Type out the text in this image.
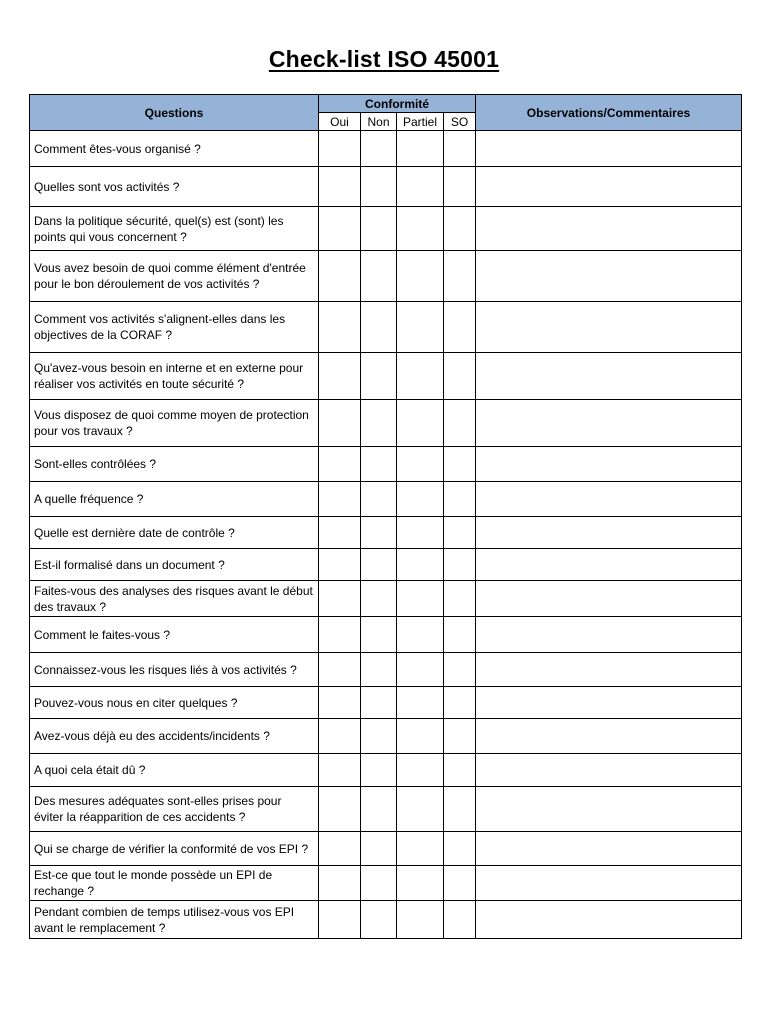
Check-list ISO 45001
Questions	Conformité				Observations/Commentaires
	Oui	Non	Partiel	SO	
Comment êtes-vous organisé ?					
Quelles sont vos activités ?					
Dans la politique sécurité, quel(s) est (sont) les points qui vous concernent ?					
Vous avez besoin de quoi comme élément d'entrée pour le bon déroulement de vos activités ?					
Comment vos activités s'alignent-elles dans les objectives de la CORAF ?					
Qu'avez-vous besoin en interne et en externe pour réaliser vos activités en toute sécurité ?					
Vous disposez de quoi comme moyen de protection pour vos travaux ?					
Sont-elles contrôlées ?					
A quelle fréquence ?					
Quelle est dernière date de contrôle ?					
Est-il formalisé dans un document ?					
Faites-vous des analyses des risques avant le début des travaux ?					
Comment le faites-vous ?					
Connaissez-vous les risques liés à vos activités ?					
Pouvez-vous nous en citer quelques ?					
Avez-vous déjà eu des accidents/incidents ?					
A quoi cela était dû ?					
Des mesures adéquates sont-elles prises pour éviter la réapparition de ces accidents ?					
Qui se charge de vérifier la conformité de vos EPI ?					
Est-ce que tout le monde possède un EPI de rechange ?					
Pendant combien de temps utilisez-vous vos EPI avant le remplacement ?					
